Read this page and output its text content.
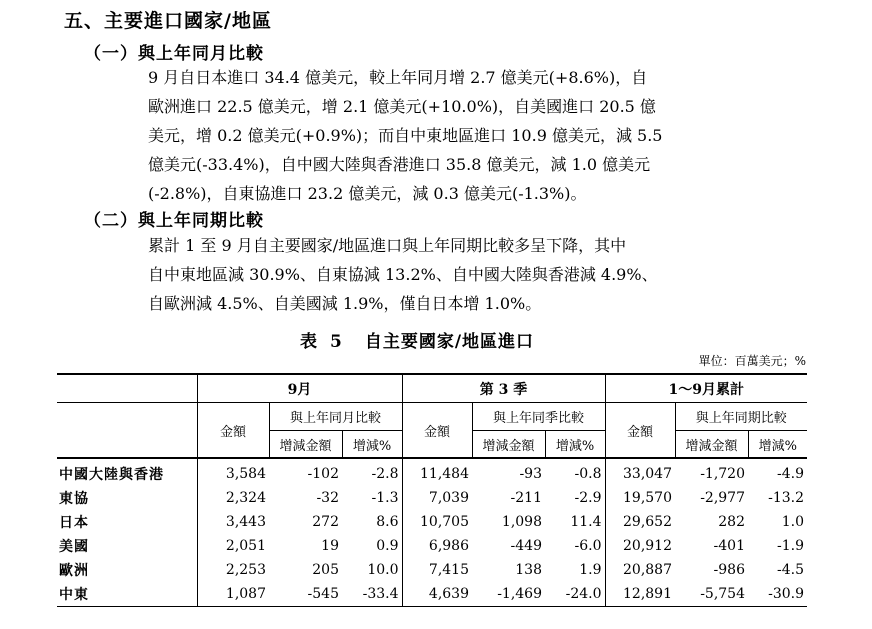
五、主要進口國家/地區
（一）與上年同月比較
9 月自日本進口 34.4 億美元，較上年同月增 2.7 億美元(+8.6%)，自
歐洲進口 22.5 億美元，增 2.1 億美元(+10.0%)，自美國進口 20.5 億
美元，增 0.2 億美元(+0.9%)；而自中東地區進口 10.9 億美元，減 5.5
億美元(-33.4%)，自中國大陸與香港進口 35.8 億美元，減 1.0 億美元
(-2.8%)，自東協進口 23.2 億美元，減 0.3 億美元(-1.3%)。
（二）與上年同期比較
累計 1 至 9 月自主要國家/地區進口與上年同期比較多呈下降，其中
自中東地區減 30.9%、自東協減 13.2%、自中國大陸與香港減 4.9%、
自歐洲減 4.5%、自美國減 1.9%，僅自日本增 1.0%。
表 5 自主要國家/地區進口
單位：百萬美元；%
	9月			第 3 季			1～9月累計		
	金額	與上年同月比較		金額	與上年同季比較		金額	與上年同期比較	
		增減金額	增減%		增減金額	增減%		增減金額	增減%
中國大陸與香港	3,584	-102	-2.8	11,484	-93	-0.8	33,047	-1,720	-4.9
東協	2,324	-32	-1.3	7,039	-211	-2.9	19,570	-2,977	-13.2
日本	3,443	272	8.6	10,705	1,098	11.4	29,652	282	1.0
美國	2,051	19	0.9	6,986	-449	-6.0	20,912	-401	-1.9
歐洲	2,253	205	10.0	7,415	138	1.9	20,887	-986	-4.5
中東	1,087	-545	-33.4	4,639	-1,469	-24.0	12,891	-5,754	-30.9
